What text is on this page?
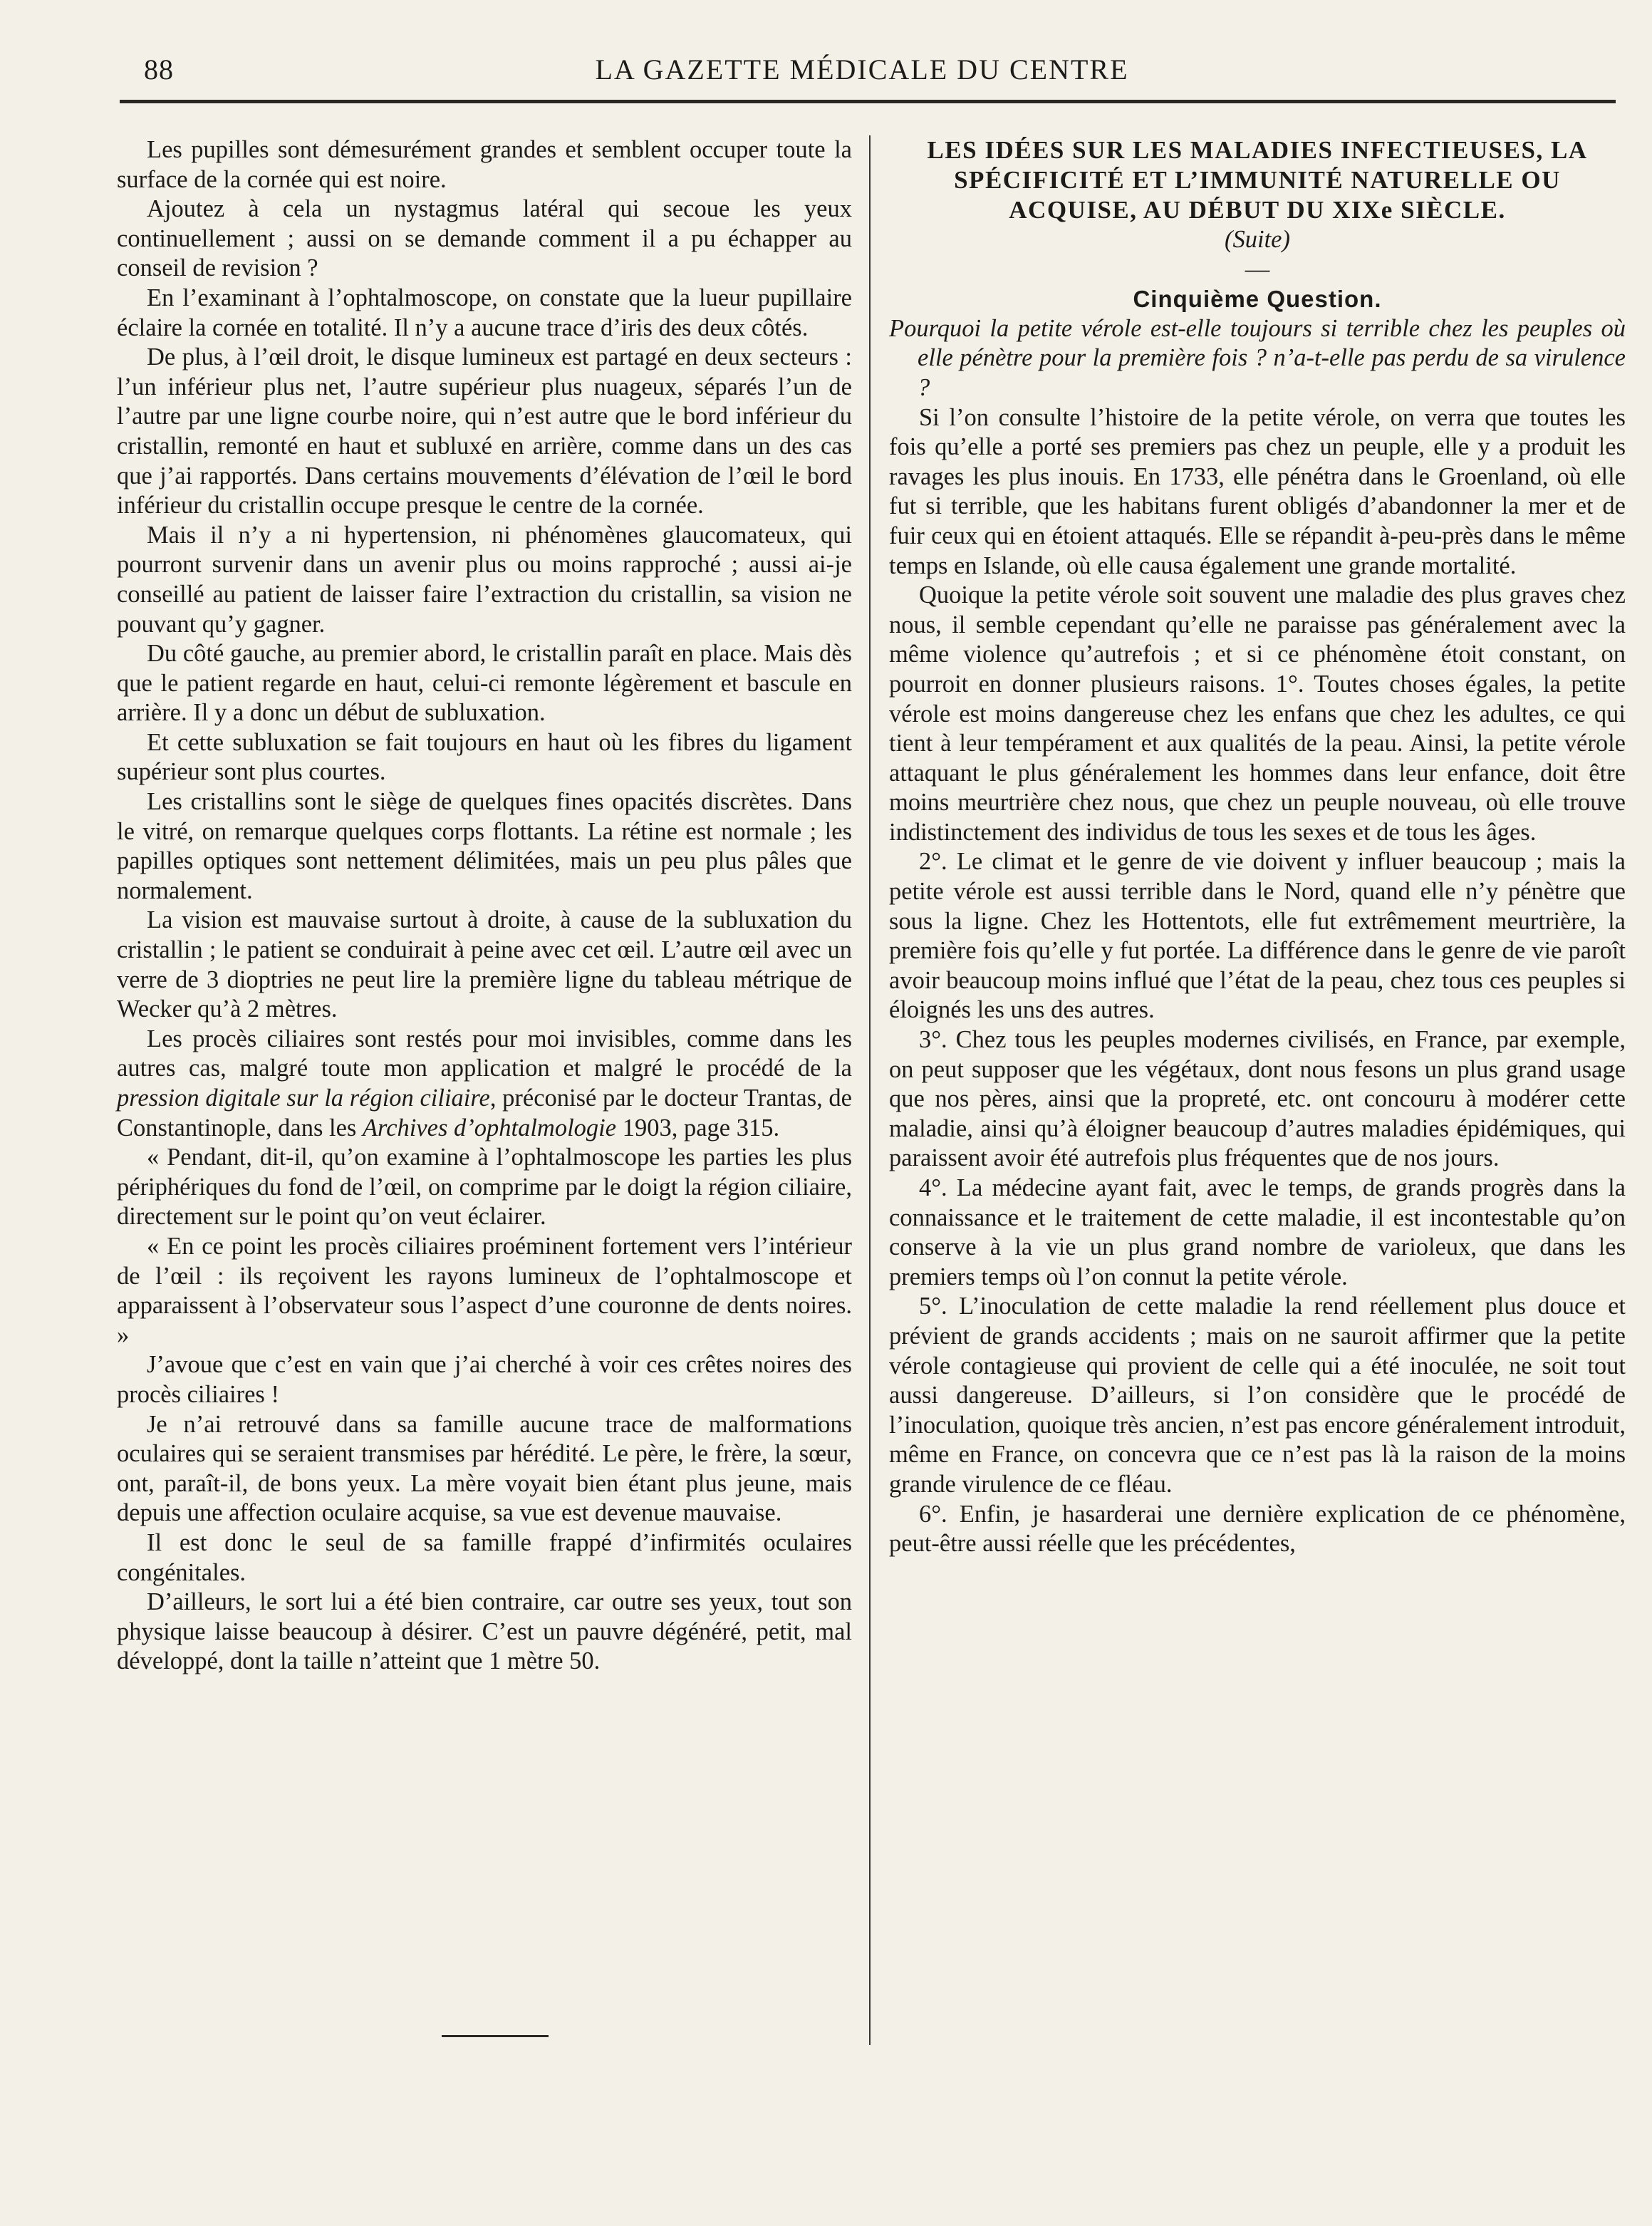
88	LA GAZETTE MÉDICALE DU CENTRE

Les pupilles sont démesurément grandes et semblent occuper toute la surface de la cornée qui est noire.

Ajoutez à cela un nystagmus latéral qui secoue les yeux continuellement ; aussi on se demande comment il a pu échapper au conseil de revision ?

En l’examinant à l’ophtalmoscope, on constate que la lueur pupillaire éclaire la cornée en totalité. Il n’y a aucune trace d’iris des deux côtés.

De plus, à l’œil droit, le disque lumineux est partagé en deux secteurs : l’un inférieur plus net, l’autre supérieur plus nuageux, séparés l’un de l’autre par une ligne courbe noire, qui n’est autre que le bord inférieur du cristallin, remonté en haut et subluxé en arrière, comme dans un des cas que j’ai rapportés. Dans certains mouvements d’élévation de l’œil le bord inférieur du cristallin occupe presque le centre de la cornée.

Mais il n’y a ni hypertension, ni phénomènes glaucomateux, qui pourront survenir dans un avenir plus ou moins rapproché ; aussi ai-je conseillé au patient de laisser faire l’extraction du cristallin, sa vision ne pouvant qu’y gagner.

Du côté gauche, au premier abord, le cristallin paraît en place. Mais dès que le patient regarde en haut, celui-ci remonte légèrement et bascule en arrière. Il y a donc un début de subluxation.

Et cette subluxation se fait toujours en haut où les fibres du ligament supérieur sont plus courtes.

Les cristallins sont le siège de quelques fines opacités discrètes. Dans le vitré, on remarque quelques corps flottants. La rétine est normale ; les papilles optiques sont nettement délimitées, mais un peu plus pâles que normalement.

La vision est mauvaise surtout à droite, à cause de la subluxation du cristallin ; le patient se conduirait à peine avec cet œil. L’autre œil avec un verre de 3 dioptries ne peut lire la première ligne du tableau métrique de Wecker qu’à 2 mètres.

Les procès ciliaires sont restés pour moi invisibles, comme dans les autres cas, malgré toute mon application et malgré le procédé de la pression digitale sur la région ciliaire, préconisé par le docteur Trantas, de Constantinople, dans les Archives d’ophtalmologie 1903, page 315.

« Pendant, dit-il, qu’on examine à l’ophtalmoscope les parties les plus périphériques du fond de l’œil, on comprime par le doigt la région ciliaire, directement sur le point qu’on veut éclairer.

« En ce point les procès ciliaires proéminent fortement vers l’intérieur de l’œil : ils reçoivent les rayons lumineux de l’ophtalmoscope et apparaissent à l’observateur sous l’aspect d’une couronne de dents noires. »

J’avoue que c’est en vain que j’ai cherché à voir ces crêtes noires des procès ciliaires !

Je n’ai retrouvé dans sa famille aucune trace de malformations oculaires qui se seraient transmises par hérédité. Le père, le frère, la sœur, ont, paraît-il, de bons yeux. La mère voyait bien étant plus jeune, mais depuis une affection oculaire acquise, sa vue est devenue mauvaise.

Il est donc le seul de sa famille frappé d’infirmités oculaires congénitales.

D’ailleurs, le sort lui a été bien contraire, car outre ses yeux, tout son physique laisse beaucoup à désirer. C’est un pauvre dégénéré, petit, mal développé, dont la taille n’atteint que 1 mètre 50.

LES IDÉES SUR LES MALADIES INFECTIEUSES, LA SPÉCIFICITÉ ET L’IMMUNITÉ NATURELLE OU ACQUISE, AU DÉBUT DU XIXe SIÈCLE.

(Suite)

—

Cinquième Question.

Pourquoi la petite vérole est-elle toujours si terrible chez les peuples où elle pénètre pour la première fois ? n’a-t-elle pas perdu de sa virulence ?

Si l’on consulte l’histoire de la petite vérole, on verra que toutes les fois qu’elle a porté ses premiers pas chez un peuple, elle y a produit les ravages les plus inouis. En 1733, elle pénétra dans le Groenland, où elle fut si terrible, que les habitans furent obligés d’abandonner la mer et de fuir ceux qui en étoient attaqués. Elle se répandit à-peu-près dans le même temps en Islande, où elle causa également une grande mortalité.

Quoique la petite vérole soit souvent une maladie des plus graves chez nous, il semble cependant qu’elle ne paraisse pas généralement avec la même violence qu’autrefois ; et si ce phénomène étoit constant, on pourroit en donner plusieurs raisons. 1°. Toutes choses égales, la petite vérole est moins dangereuse chez les enfans que chez les adultes, ce qui tient à leur tempérament et aux qualités de la peau. Ainsi, la petite vérole attaquant le plus généralement les hommes dans leur enfance, doit être moins meurtrière chez nous, que chez un peuple nouveau, où elle trouve indistinctement des individus de tous les sexes et de tous les âges.

2°. Le climat et le genre de vie doivent y influer beaucoup ; mais la petite vérole est aussi terrible dans le Nord, quand elle n’y pénètre que sous la ligne. Chez les Hottentots, elle fut extrêmement meurtrière, la première fois qu’elle y fut portée. La différence dans le genre de vie paroît avoir beaucoup moins influé que l’état de la peau, chez tous ces peuples si éloignés les uns des autres.

3°. Chez tous les peuples modernes civilisés, en France, par exemple, on peut supposer que les végétaux, dont nous fesons un plus grand usage que nos pères, ainsi que la propreté, etc. ont concouru à modérer cette maladie, ainsi qu’à éloigner beaucoup d’autres maladies épidémiques, qui paraissent avoir été autrefois plus fréquentes que de nos jours.

4°. La médecine ayant fait, avec le temps, de grands progrès dans la connaissance et le traitement de cette maladie, il est incontestable qu’on conserve à la vie un plus grand nombre de varioleux, que dans les premiers temps où l’on connut la petite vérole.

5°. L’inoculation de cette maladie la rend réellement plus douce et prévient de grands accidents ; mais on ne sauroit affirmer que la petite vérole contagieuse qui provient de celle qui a été inoculée, ne soit tout aussi dangereuse. D’ailleurs, si l’on considère que le procédé de l’inoculation, quoique très ancien, n’est pas encore généralement introduit, même en France, on concevra que ce n’est pas là la raison de la moins grande virulence de ce fléau.

6°. Enfin, je hasarderai une dernière explication de ce phénomène, peut-être aussi réelle que les précédentes,
